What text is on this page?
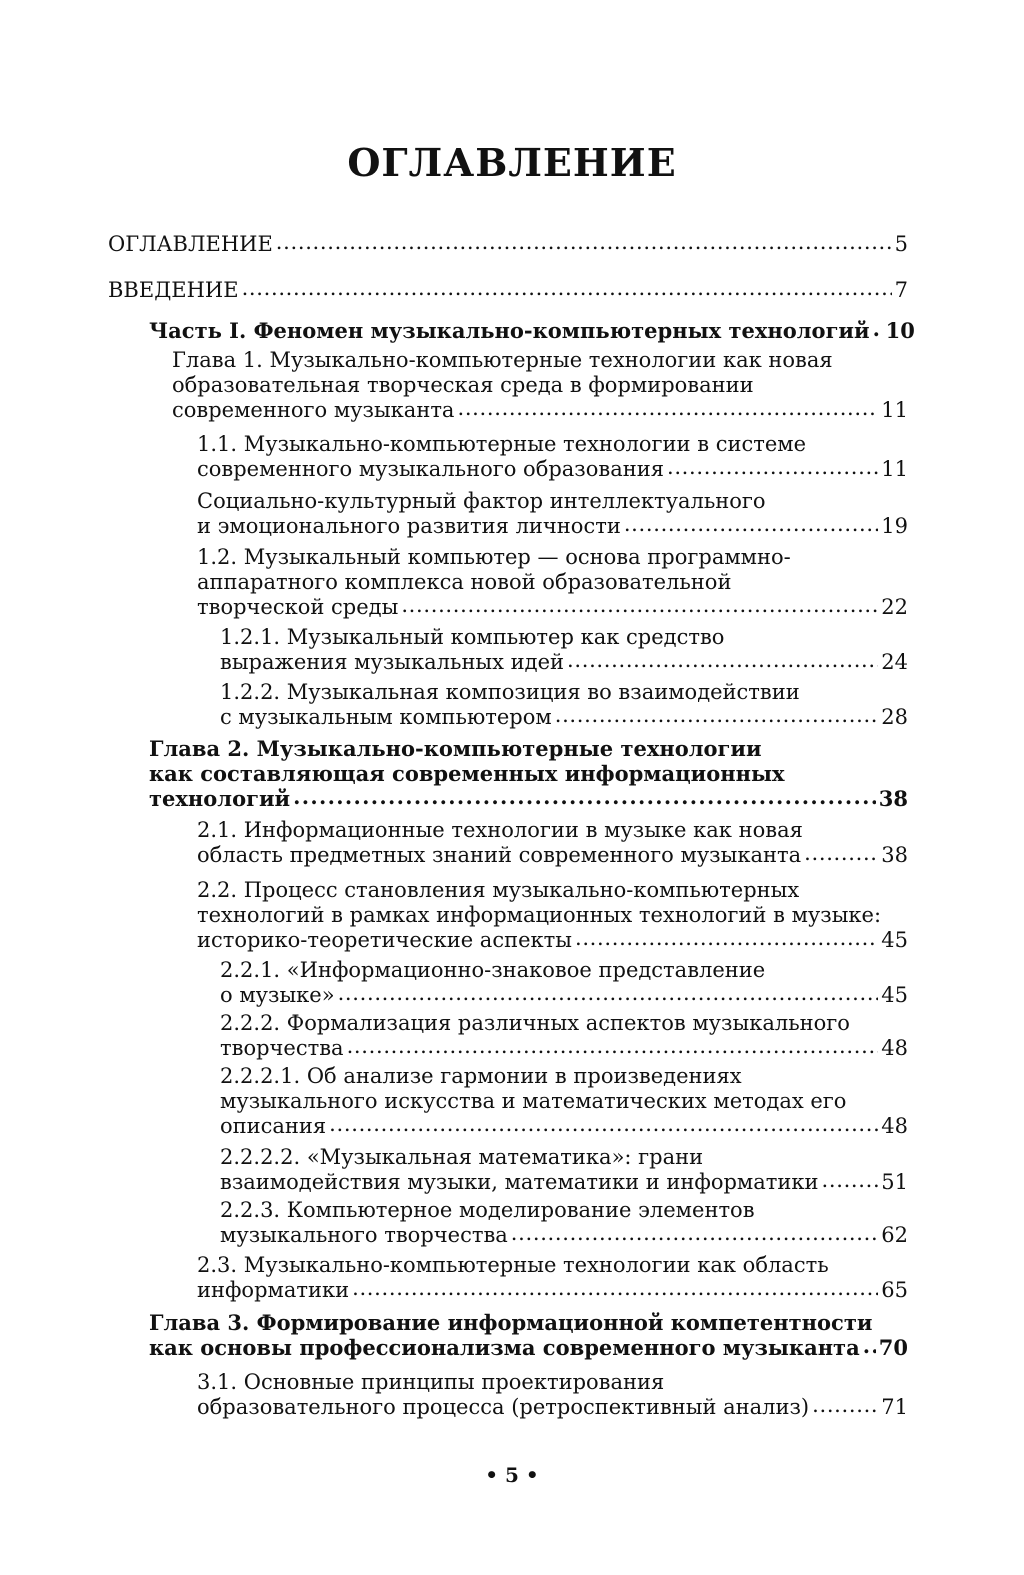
ОГЛАВЛЕНИЕ
ОГЛАВЛЕНИЕ . . .	5
ВВЕДЕНИЕ . . .	7
Часть I. Феномен музыкально-компьютерных технологий . . . 10
Глава 1. Музыкально-компьютерные технологии как новая
образовательная творческая среда в формировании
современного музыканта . . .	11
1.1. Музыкально-компьютерные технологии в системе
современного музыкального образования . . .	11
Социально-культурный фактор интеллектуального
и эмоционального развития личности . . .	19
1.2. Музыкальный компьютер — основа программно-
аппаратного комплекса новой образовательной
творческой среды . . .	22
1.2.1. Музыкальный компьютер как средство
выражения музыкальных идей . . .	24
1.2.2. Музыкальная композиция во взаимодействии
с музыкальным компьютером . . .	28
Глава 2. Музыкально-компьютерные технологии
как составляющая современных информационных
технологий . . .	38
2.1. Информационные технологии в музыке как новая
область предметных знаний современного музыканта . . .	38
2.2. Процесс становления музыкально-компьютерных
технологий в рамках информационных технологий в музыке:
историко-теоретические аспекты . . .	45
2.2.1. «Информационно-знаковое представление
о музыке» . . .	45
2.2.2. Формализация различных аспектов музыкального
творчества . . .	48
2.2.2.1. Об анализе гармонии в произведениях
музыкального искусства и математических методах его
описания . . .	48
2.2.2.2. «Музыкальная математика»: грани
взаимодействия музыки, математики и информатики . . .	51
2.2.3. Компьютерное моделирование элементов
музыкального творчества . . .	62
2.3. Музыкально-компьютерные технологии как область
информатики . . .	65
Глава 3. Формирование информационной компетентности
как основы профессионализма современного музыканта . . . 70
3.1. Основные принципы проектирования
образовательного процесса (ретроспективный анализ) . . .	71
• 5 •
